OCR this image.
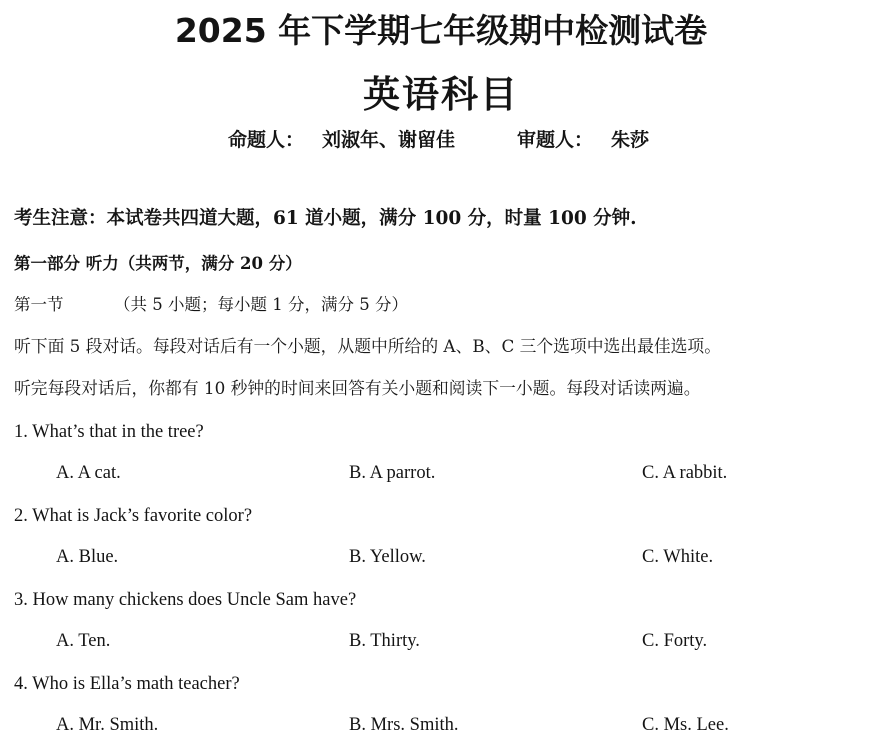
2025 年下学期七年级期中检测试卷
英语科目
命题人： 刘淑年、谢留佳	审题人： 朱莎
考生注意：本试卷共四道大题，61 道小题，满分 100 分，时量 100 分钟.
第一部分 听力（共两节，满分 20 分）
第一节	（共 5 小题；每小题 1 分，满分 5 分）
听下面 5 段对话。每段对话后有一个小题，从题中所给的 A、B、C 三个选项中选出最佳选项。
听完每段对话后，你都有 10 秒钟的时间来回答有关小题和阅读下一小题。每段对话读两遍。
1. What’s that in the tree?
A. A cat.	B. A parrot.	C. A rabbit.
2. What is Jack’s favorite color?
A. Blue.	B. Yellow.	C. White.
3. How many chickens does Uncle Sam have?
A. Ten.	B. Thirty.	C. Forty.
4. Who is Ella’s math teacher?
A. Mr. Smith.	B. Mrs. Smith.	C. Ms. Lee.
